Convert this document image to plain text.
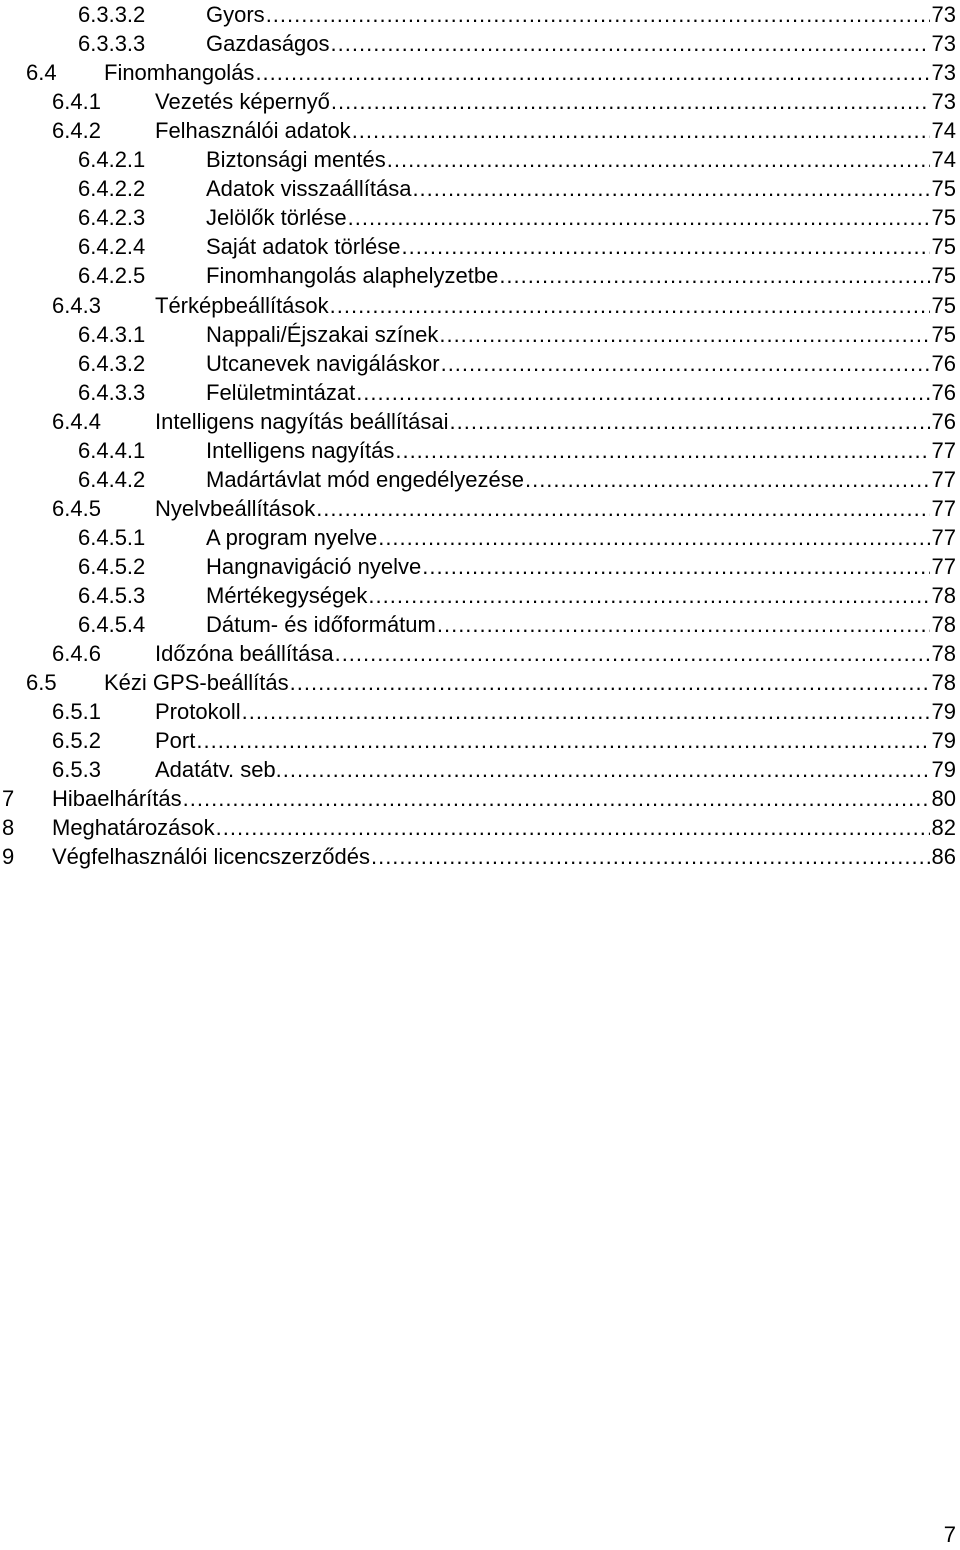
6.3.3.2	Gyors .....	73
6.3.3.3	Gazdaságos .....	73
6.4 Finomhangolás .....	73
6.4.1 Vezetés képernyő .....	73
6.4.2 Felhasználói adatok .....	74
6.4.2.1	Biztonsági mentés .....	74
6.4.2.2	Adatok visszaállítása .....	75
6.4.2.3	Jelölők törlése .....	75
6.4.2.4	Saját adatok törlése .....	75
6.4.2.5	Finomhangolás alaphelyzetbe .....	75
6.4.3 Térképbeállítások .....	75
6.4.3.1	Nappali/Éjszakai színek .....	75
6.4.3.2	Utcanevek navigáláskor .....	76
6.4.3.3	Felületmintázat .....	76
6.4.4 Intelligens nagyítás beállításai .....	76
6.4.4.1	Intelligens nagyítás .....	77
6.4.4.2	Madártávlat mód engedélyezése .....	77
6.4.5 Nyelvbeállítások .....	77
6.4.5.1	A program nyelve .....	77
6.4.5.2	Hangnavigáció nyelve .....	77
6.4.5.3	Mértékegységek .....	78
6.4.5.4	Dátum- és időformátum .....	78
6.4.6 Időzóna beállítása .....	78
6.5 Kézi GPS-beállítás .....	78
6.5.1 Protokoll .....	79
6.5.2 Port .....	79
6.5.3 Adatátv. seb. .....	79
7 Hibaelhárítás .....	80
8 Meghatározások .....	82
9 Végfelhasználói licencszerződés .....	86
7
